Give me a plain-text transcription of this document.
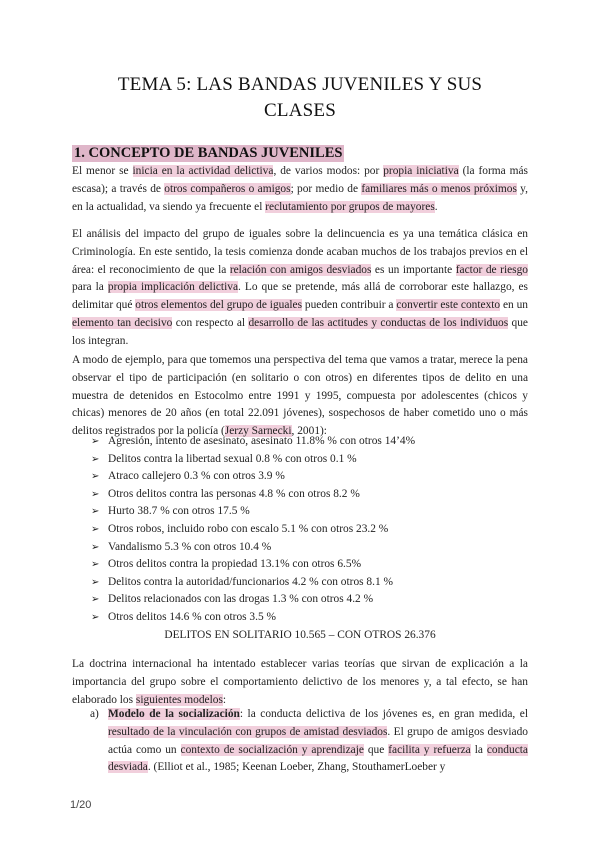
TEMA 5: LAS BANDAS JUVENILES Y SUS
CLASES
1. CONCEPTO DE BANDAS JUVENILES
El menor se inicia en la actividad delictiva, de varios modos: por propia iniciativa (la forma más escasa); a través de otros compañeros o amigos; por medio de familiares más o menos próximos y, en la actualidad, va siendo ya frecuente el reclutamiento por grupos de mayores.
El análisis del impacto del grupo de iguales sobre la delincuencia es ya una temática clásica en Criminología. En este sentido, la tesis comienza donde acaban muchos de los trabajos previos en el área: el reconocimiento de que la relación con amigos desviados es un importante factor de riesgo para la propia implicación delictiva. Lo que se pretende, más allá de corroborar este hallazgo, es delimitar qué otros elementos del grupo de iguales pueden contribuir a convertir este contexto en un elemento tan decisivo con respecto al desarrollo de las actitudes y conductas de los individuos que los integran.
A modo de ejemplo, para que tomemos una perspectiva del tema que vamos a tratar, merece la pena observar el tipo de participación (en solitario o con otros) en diferentes tipos de delito en una muestra de detenidos en Estocolmo entre 1991 y 1995, compuesta por adolescentes (chicos y chicas) menores de 20 años (en total 22.091 jóvenes), sospechosos de haber cometido uno o más delitos registrados por la policía (Jerzy Sarnecki, 2001):
➢ Agresión, intento de asesinato, asesinato 11.8% % con otros 14’4%
➢ Delitos contra la libertad sexual 0.8 % con otros 0.1 %
➢ Atraco callejero 0.3 % con otros 3.9 %
➢ Otros delitos contra las personas 4.8 % con otros 8.2 %
➢ Hurto 38.7 % con otros 17.5 %
➢ Otros robos, incluido robo con escalo 5.1 % con otros 23.2 %
➢ Vandalismo 5.3 % con otros 10.4 %
➢ Otros delitos contra la propiedad 13.1% con otros 6.5%
➢ Delitos contra la autoridad/funcionarios 4.2 % con otros 8.1 %
➢ Delitos relacionados con las drogas 1.3 % con otros 4.2 %
➢ Otros delitos 14.6 % con otros 3.5 %
DELITOS EN SOLITARIO 10.565 – CON OTROS 26.376
La doctrina internacional ha intentado establecer varias teorías que sirvan de explicación a la importancia del grupo sobre el comportamiento delictivo de los menores y, a tal efecto, se han elaborado los siguientes modelos:
a) Modelo de la socialización: la conducta delictiva de los jóvenes es, en gran medida, el resultado de la vinculación con grupos de amistad desviados. El grupo de amigos desviado actúa como un contexto de socialización y aprendizaje que facilita y refuerza la conducta desviada. (Elliot et al., 1985; Keenan Loeber, Zhang, StouthamerLoeber y
1/20
